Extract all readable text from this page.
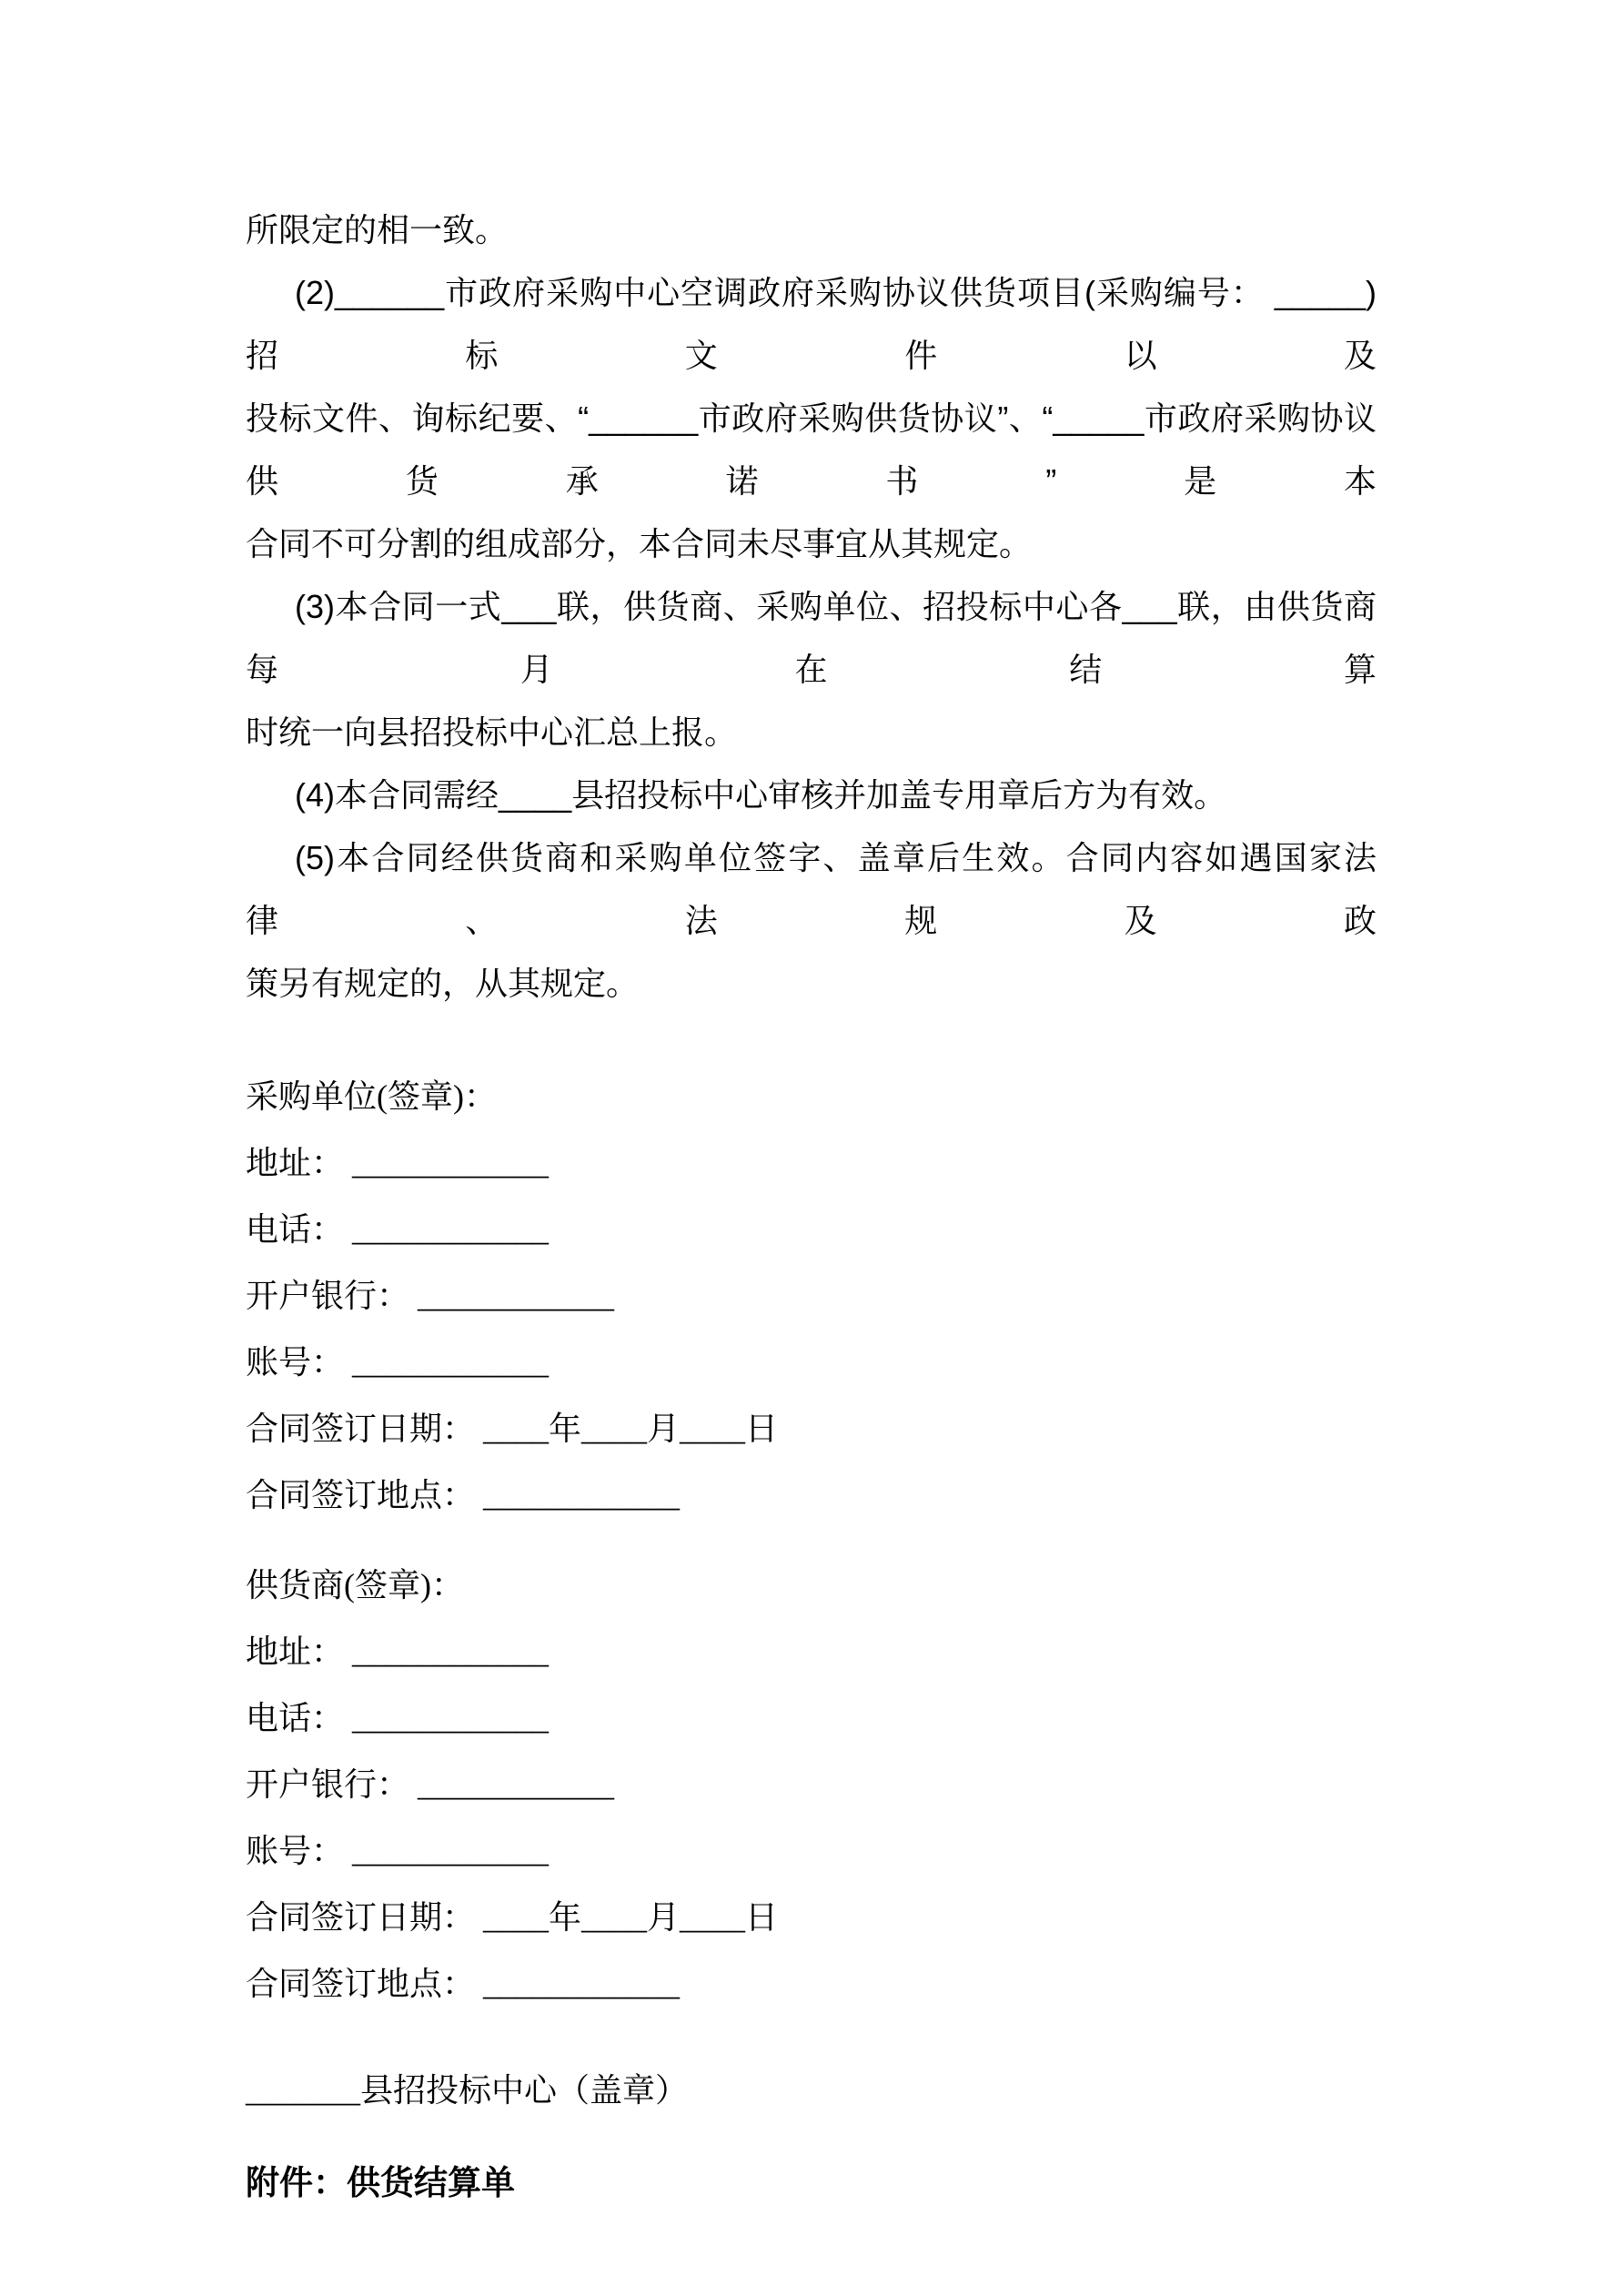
所限定的相一致。
(2)______市政府采购中心空调政府采购协议供货项目(采购编号： _____)招标文件以及
投标文件、询标纪要、“______市政府采购供货协议”、“_____市政府采购协议供货承诺书”是本
合同不可分割的组成部分，本合同未尽事宜从其规定。
(3)本合同一式___联，供货商、采购单位、招投标中心各___联，由供货商每月在结算
时统一向县招投标中心汇总上报。
(4)本合同需经____县招投标中心审核并加盖专用章后方为有效。
(5)本合同经供货商和采购单位签字、盖章后生效。合同内容如遇国家法律、法规及政
策另有规定的，从其规定。
采购单位(签章)：
地址： ____________
电话： ____________
开户银行： ____________
账号： ____________
合同签订日期： ____年____月____日
合同签订地点： ____________
供货商(签章)：
地址： ____________
电话： ____________
开户银行： ____________
账号： ____________
合同签订日期： ____年____月____日
合同签订地点： ____________
_______县招投标中心（盖章）
附件：供货结算单
